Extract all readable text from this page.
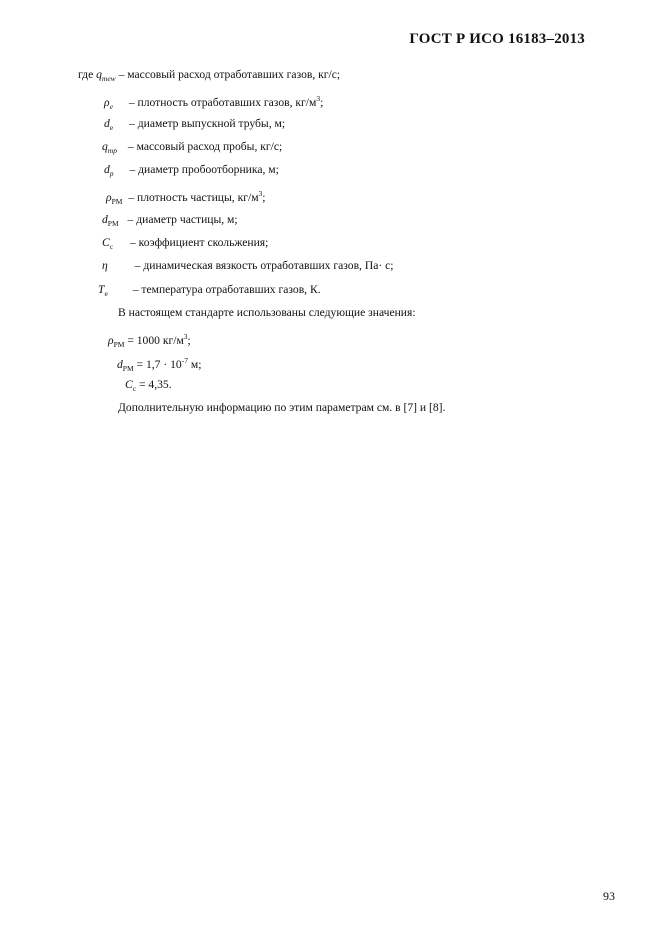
ГОСТ Р ИСО 16183–2013
где $q_{mew}$ – массовый расход отработавших газов, кг/с;
$\rho_e$ – плотность отработавших газов, $кг/м^3$;
$d_e$ – диаметр выпускной трубы, м;
$q_{mp}$ – массовый расход пробы, кг/с;
$d_p$ – диаметр пробоотборника, м;
$\rho_{PM}$ – плотность частицы, $кг/м^3$;
$d_{PM}$ – диаметр частицы, м;
$C_c$ – коэффициент скольжения;
η – динамическая вязкость отработавших газов, Па· с;
$T_e$ – температура отработавших газов, К.
В настоящем стандарте использованы следующие значения:
$\rho_{PM} = 1000$ $кг/м^3$;
$d_{PM} = 1,7 \cdot 10^{-7}$ м;
$C_c = 4,35$.
Дополнительную информацию по этим параметрам см. в [7] и [8].
93
